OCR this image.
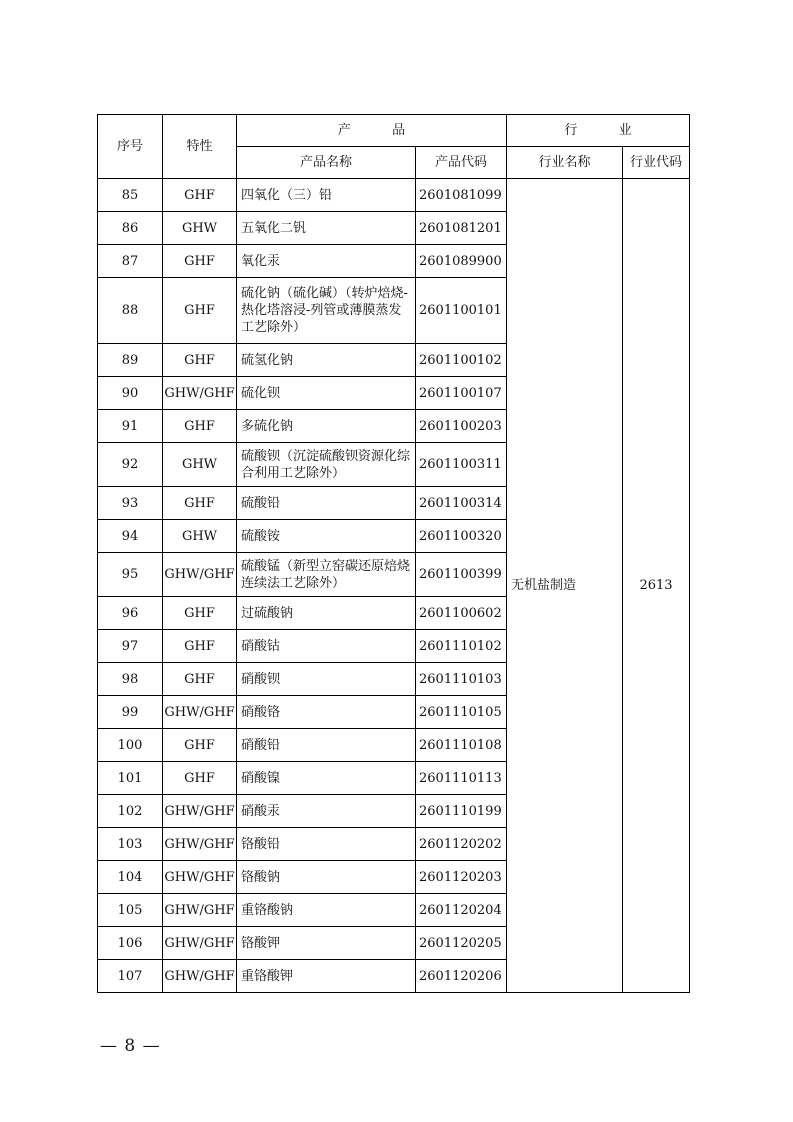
序号	特性	产          品		行          业	
		产品名称	产品代码	行业名称	行业代码
85	GHF	四氧化（三）铅	2601081099	无机盐制造	2613
86	GHW	五氧化二钒	2601081201		
87	GHF	氧化汞	2601089900		
88	GHF	硫化钠（硫化碱）（转炉焙烧-热化塔溶浸-列管或薄膜蒸发工艺除外）	2601100101		
89	GHF	硫氢化钠	2601100102		
90	GHW/GHF	硫化钡	2601100107		
91	GHF	多硫化钠	2601100203		
92	GHW	硫酸钡（沉淀硫酸钡资源化综合利用工艺除外）	2601100311		
93	GHF	硫酸铅	2601100314		
94	GHW	硫酸铵	2601100320		
95	GHW/GHF	硫酸锰（新型立窑碳还原焙烧连续法工艺除外）	2601100399		
96	GHF	过硫酸钠	2601100602		
97	GHF	硝酸钴	2601110102		
98	GHF	硝酸钡	2601110103		
99	GHW/GHF	硝酸铬	2601110105		
100	GHF	硝酸铅	2601110108		
101	GHF	硝酸镍	2601110113		
102	GHW/GHF	硝酸汞	2601110199		
103	GHW/GHF	铬酸铅	2601120202		
104	GHW/GHF	铬酸钠	2601120203		
105	GHW/GHF	重铬酸钠	2601120204		
106	GHW/GHF	铬酸钾	2601120205		
107	GHW/GHF	重铬酸钾	2601120206		
— 8 —
